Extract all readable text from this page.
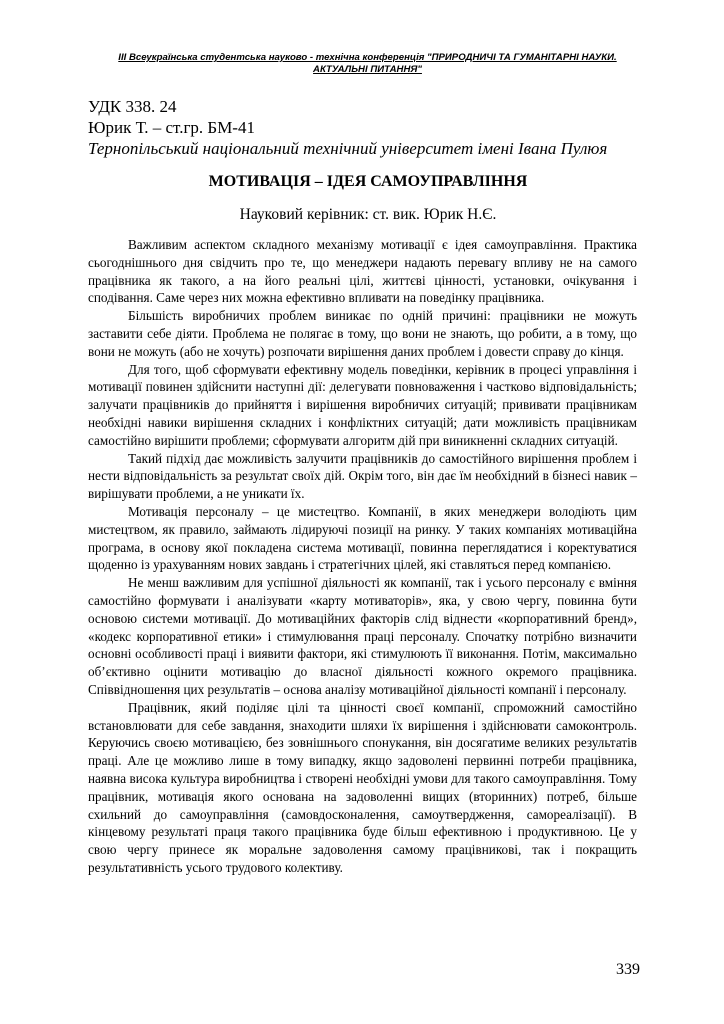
ІІІ Всеукраїнська студентська науково - технічна конференція "ПРИРОДНИЧІ ТА ГУМАНІТАРНІ НАУКИ.
АКТУАЛЬНІ ПИТАННЯ"
УДК 338. 24
Юрик Т. – ст.гр. БМ-41
Тернопільський національний технічний університет імені Івана Пулюя
МОТИВАЦІЯ – ІДЕЯ САМОУПРАВЛІННЯ
Науковий керівник: ст. вик. Юрик Н.Є.

Важливим аспектом складного механізму мотивації є ідея самоуправління. Практика сьогоднішнього дня свідчить про те, що менеджери надають перевагу впливу не на самого працівника як такого, а на його реальні цілі, життєві цінності, установки, очікування і сподівання. Саме через них можна ефективно впливати на поведінку працівника.

Більшість виробничих проблем виникає по одній причині: працівники не можуть заставити себе діяти. Проблема не полягає в тому, що вони не знають, що робити, а в тому, що вони не можуть (або не хочуть) розпочати вирішення даних проблем і довести справу до кінця.

Для того, щоб сформувати ефективну модель поведінки, керівник в процесі управління і мотивації повинен здійснити наступні дії: делегувати повноваження і частково відповідальність; залучати працівників до прийняття і вирішення виробничих ситуацій; прививати працівникам необхідні навики вирішення складних і конфліктних ситуацій; дати можливість працівникам самостійно вирішити проблеми; сформувати алгоритм дій при виникненні складних ситуацій.

Такий підхід дає можливість залучити працівників до самостійного вирішення проблем і нести відповідальність за результат своїх дій. Окрім того, він дає їм необхідний в бізнесі навик – вирішувати проблеми, а не уникати їх.

Мотивація персоналу – це мистецтво. Компанії, в яких менеджери володіють цим мистецтвом, як правило, займають лідируючі позиції на ринку. У таких компаніях мотиваційна програма, в основу якої покладена система мотивації, повинна переглядатися і коректуватися щоденно із урахуванням нових завдань і стратегічних цілей, які ставляться перед компанією.

Не менш важливим для успішної діяльності як компанії, так і усього персоналу є вміння самостійно формувати і аналізувати «карту мотиваторів», яка, у свою чергу, повинна бути основою системи мотивації. До мотиваційних факторів слід віднести «корпоративний бренд», «кодекс корпоративної етики» і стимулювання праці персоналу. Спочатку потрібно визначити основні особливості праці і виявити фактори, які стимулюють її виконання. Потім, максимально об’єктивно оцінити мотивацію до власної діяльності кожного окремого працівника. Співвідношення цих результатів – основа аналізу мотиваційної діяльності компанії і персоналу.

Працівник, який поділяє цілі та цінності своєї компанії, спроможний самостійно встановлювати для себе завдання, знаходити шляхи їх вирішення і здійснювати самоконтроль. Керуючись своєю мотивацією, без зовнішнього спонукання, він досягатиме великих результатів праці. Але це можливо лише в тому випадку, якщо задоволені первинні потреби працівника, наявна висока культура виробництва і створені необхідні умови для такого самоуправління. Тому працівник, мотивація якого основана на задоволенні вищих (вторинних) потреб, більше схильний до самоуправління (самовдосконалення, самоутвердження, самореалізації). В кінцевому результаті праця такого працівника буде більш ефективною і продуктивною. Це у свою чергу принесе як моральне задоволення самому працівникові, так і покращить результативність усього трудового колективу.

339
